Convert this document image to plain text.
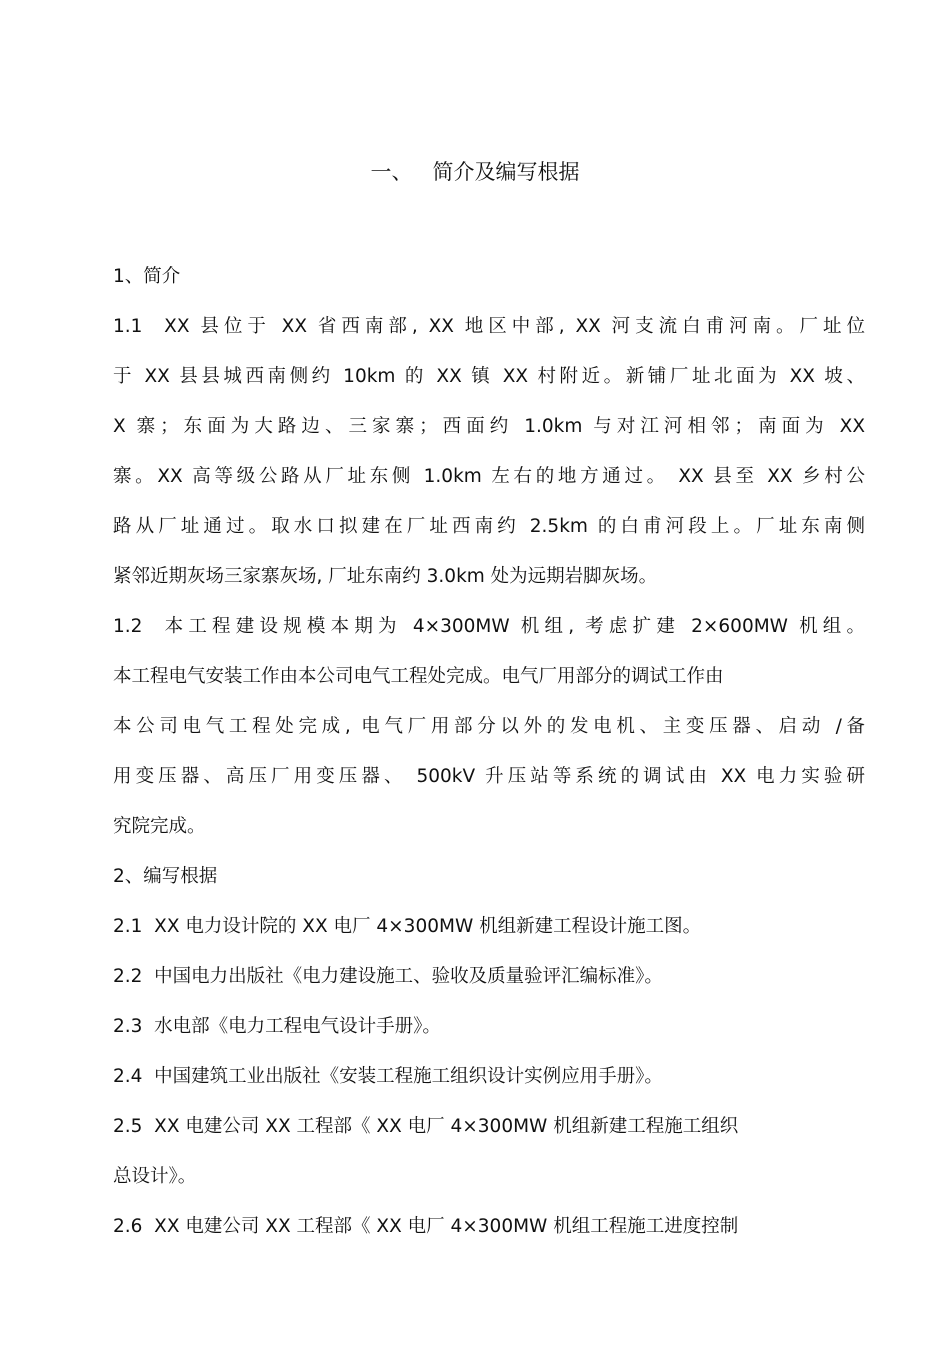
一、   简介及编写根据
1、简介
1.1  XX 县位于 XX 省西南部, XX 地区中部, XX 河支流白甫河南。厂址位
于 XX 县县城西南侧约 10km 的 XX 镇 XX 村附近。新铺厂址北面为 XX 坡、
X 寨；东面为大路边、三家寨；西面约 1.0km 与对江河相邻；南面为 XX
寨。XX 高等级公路从厂址东侧 1.0km 左右的地方通过。 XX 县至 XX 乡村公
路从厂址通过。取水口拟建在厂址西南约 2.5km 的白甫河段上。厂址东南侧
紧邻近期灰场三家寨灰场, 厂址东南约 3.0km 处为远期岩脚灰场。
1.2  本工程建设规模本期为 4×300MW 机组, 考虑扩建 2×600MW 机组。
本工程电气安装工作由本公司电气工程处完成。电气厂用部分的调试工作由
本公司电气工程处完成, 电气厂用部分以外的发电机、主变压器、启动 /备
用变压器、高压厂用变压器、 500kV 升压站等系统的调试由 XX 电力实验研
究院完成。
2、编写根据
2.1  XX 电力设计院的 XX 电厂 4×300MW 机组新建工程设计施工图。
2.2  中国电力出版社《电力建设施工、验收及质量验评汇编标准》。
2.3  水电部《电力工程电气设计手册》。
2.4  中国建筑工业出版社《安装工程施工组织设计实例应用手册》。
2.5  XX 电建公司 XX 工程部《 XX 电厂 4×300MW 机组新建工程施工组织
总设计》。
2.6  XX 电建公司 XX 工程部《 XX 电厂 4×300MW 机组工程施工进度控制
